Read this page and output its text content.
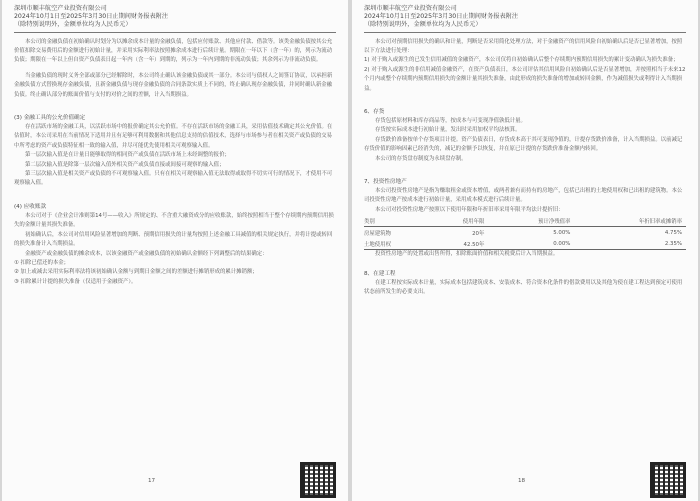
深圳市顺丰航空产业投资有限公司
2024年10月1日至2025年3月30日止期间财务报表附注
（除特别说明外，金额单位均为人民币元）
本公司的金融负债在初始确认时划分为以摊余成本计量的金融负债，包括应付账款、其他应付款、借款等。该类金融负债按其公允价值扣除交易费用后的金额进行初始计量，并采用实际利率法按照摊余成本进行后续计量。期限在一年以下（含一年）的，列示为流动负债；期限在一年以上但自资产负债表日起一年内（含一年）到期的，列示为一年内到期的非流动负债；其余列示为非流动负债。
当金融负债的现时义务全部或部分已经解除时，本公司终止确认该金融负债或其一部分。本公司与债权人之间签订协议，以承担新金融负债方式替换现存金融负债，且新金融负债与现存金融负债的合同条款实质上不同的，终止确认现存金融负债，并同时确认新金融负债。终止确认部分的账面价值与支付的对价之间的差额，计入当期损益。
(3) 金融工具的公允价值确定
存在活跃市场的金融工具，以活跃市场中的报价确定其公允价值。不存在活跃市场的金融工具，采用估值技术确定其公允价值。在估值时，本公司采用在当前情况下适用并且有足够可利用数据和其他信息支持的估值技术，选择与市场参与者在相关资产或负债的交易中所考虑的资产或负债特征相一致的输入值，并尽可能优先使用相关可观察输入值。
第一层次输入值是在计量日能够取得的相同资产或负债在活跃市场上未经调整的报价；
第二层次输入值是除第一层次输入值外相关资产或负债直接或间接可观察的输入值；
第三层次输入值是相关资产或负债的不可观察输入值。只有在相关可观察输入值无法取得或取得不切实可行的情况下，才使用不可观察输入值。
(4) 应收账款
本公司对于《企业会计准则第14号——收入》所规定的、不含重大融资成分的应收账款，始终按照相当于整个存续期内预期信用损失的金额计量其损失准备。
初始确认后，本公司对信用风险显著增加的判断、预期信用损失的计量均按照上述金融工具减值的相关规定执行，并将计提或转回的损失准备计入当期损益。
金融资产或金融负债的摊余成本，以该金融资产或金融负债的初始确认金额经下列调整后的结果确定：
① 扣除已偿还的本金；
② 加上或减去采用实际利率法将该初始确认金额与到期日金额之间的差额进行摊销形成的累计摊销额；
③ 扣除累计计提的损失准备（仅适用于金融资产）。
17
深圳市顺丰航空产业投资有限公司
2024年10月1日至2025年3月30日止期间财务报表附注
（除特别说明外，金额单位均为人民币元）
本公司对预期信用损失的确认和计量，判断是否采用简化处理方法，对于金融资产的信用风险自初始确认后是否已显著增加，按照以下方法进行处理：
1) 对于购入或源生的已发生信用减值的金融资产，本公司仅将自初始确认后整个存续期内预期信用损失的累计变动确认为损失准备；
2) 对于购入或源生的非信用减值金融资产，在资产负债表日，本公司评估其信用风险自初始确认后是否显著增加，并按照相当于未来12个月内或整个存续期内预期信用损失的金额计量其损失准备，由此形成的损失准备的增加或转回金额，作为减值损失或利得计入当期损益。
6、存货
存货包括原材料和库存商品等，按成本与可变现净值孰低计量。
存货按实际成本进行初始计量，发出时采用加权平均法核算。
存货跌价准备按单个存货项目计提。资产负债表日，存货成本高于其可变现净值的，计提存货跌价准备，计入当期损益。以前减记存货价值的影响因素已经消失的，减记的金额予以恢复，并在原已计提的存货跌价准备金额内转回。
本公司的存货盘存制度为永续盘存制。
7、投资性房地产
本公司投资性房地产是指为赚取租金或资本增值，或两者兼有而持有的房地产，包括已出租的土地使用权和已出租的建筑物。本公司投资性房地产按成本进行初始计量，采用成本模式进行后续计量。
本公司对投资性房地产按照以下使用年限和年折旧率采用年限平均法计提折旧：
类别	使用年限	预计净残值率	年折旧率或摊销率
房屋建筑物	20年	5.00%	4.75%
土地使用权	42.50年	0.00%	2.35%
投资性房地产的处置或出售所得，扣除账面价值和相关税费后计入当期损益。
8、在建工程
在建工程按实际成本计量，实际成本包括建筑成本、安装成本、符合资本化条件的借款费用以及其他为使在建工程达到预定可使用状态前所发生的必要支出。
18
